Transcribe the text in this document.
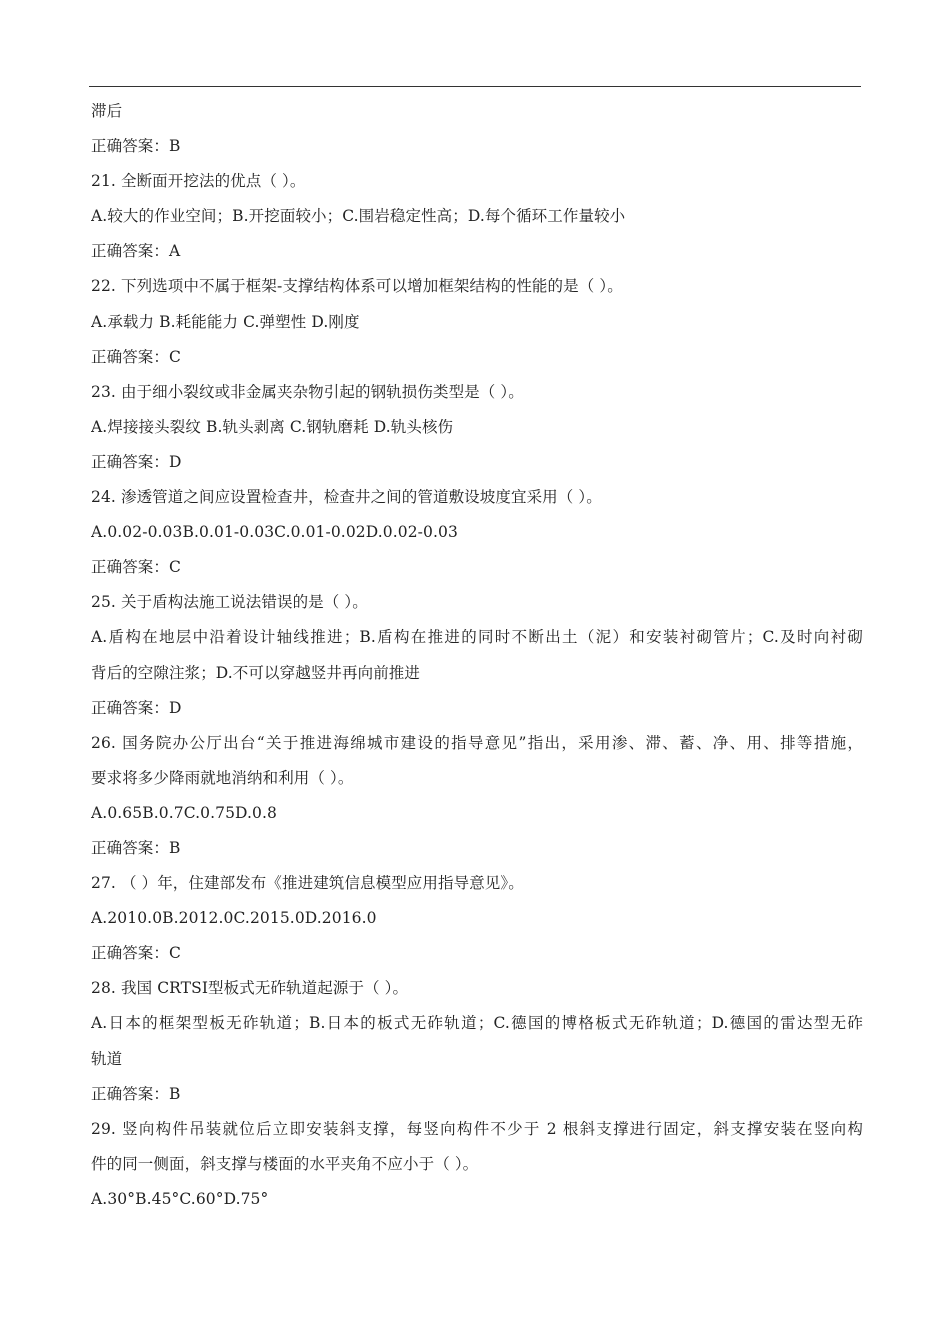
滞后
正确答案：B
21. 全断面开挖法的优点（ ）。
A.较大的作业空间；B.开挖面较小；C.围岩稳定性高；D.每个循环工作量较小
正确答案：A
22. 下列选项中不属于框架-支撑结构体系可以增加框架结构的性能的是（ ）。
A.承载力 B.耗能能力 C.弹塑性 D.刚度
正确答案：C
23. 由于细小裂纹或非金属夹杂物引起的钢轨损伤类型是（ ）。
A.焊接接头裂纹 B.轨头剥离 C.钢轨磨耗 D.轨头核伤
正确答案：D
24. 渗透管道之间应设置检查井，检查井之间的管道敷设坡度宜采用（ ）。
A.0.02-0.03B.0.01-0.03C.0.01-0.02D.0.02-0.03
正确答案：C
25. 关于盾构法施工说法错误的是（ ）。
A.盾构在地层中沿着设计轴线推进；B.盾构在推进的同时不断出土（泥）和安装衬砌管片；C.及时向衬砌
背后的空隙注浆；D.不可以穿越竖井再向前推进
正确答案：D
26. 国务院办公厅出台“关于推进海绵城市建设的指导意见”指出，采用渗、滞、蓄、净、用、排等措施，
要求将多少降雨就地消纳和利用（ ）。
A.0.65B.0.7C.0.75D.0.8
正确答案：B
27. （ ）年，住建部发布《推进建筑信息模型应用指导意见》。
A.2010.0B.2012.0C.2015.0D.2016.0
正确答案：C
28. 我国 CRTSⅠ型板式无砟轨道起源于（ ）。
A.日本的框架型板无砟轨道；B.日本的板式无砟轨道；C.德国的博格板式无砟轨道；D.德国的雷达型无砟
轨道
正确答案：B
29. 竖向构件吊装就位后立即安装斜支撑，每竖向构件不少于 2 根斜支撑进行固定，斜支撑安装在竖向构
件的同一侧面，斜支撑与楼面的水平夹角不应小于（ ）。
A.30°B.45°C.60°D.75°
